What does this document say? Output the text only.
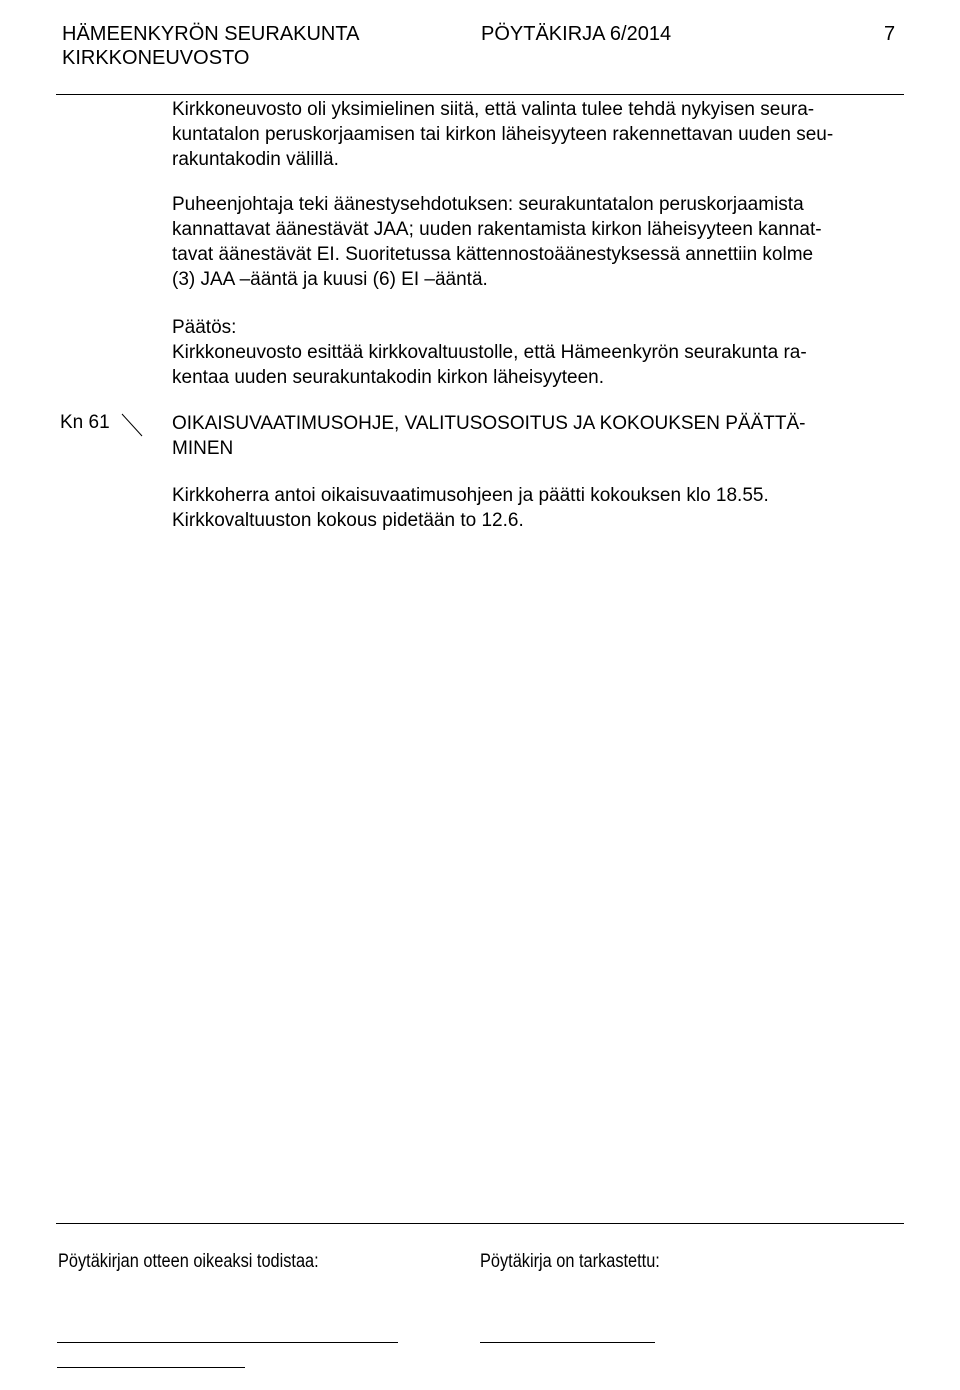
HÄMEENKYRÖN SEURAKUNTA
KIRKKONEUVOSTO
PÖYTÄKIRJA 6/2014	7
Kirkkoneuvosto oli yksimielinen siitä, että valinta tulee tehdä nykyisen seura-
kuntatalon peruskorjaamisen tai kirkon läheisyyteen rakennettavan uuden seu-
rakuntakodin välillä.
Puheenjohtaja teki äänestysehdotuksen: seurakuntatalon peruskorjaamista
kannattavat äänestävät JAA; uuden rakentamista kirkon läheisyyteen kannat-
tavat äänestävät EI. Suoritetussa kättennostoäänestyksessä annettiin kolme
(3) JAA –ääntä ja kuusi (6) EI –ääntä.
Päätös:
Kirkkoneuvosto esittää kirkkovaltuustolle, että Hämeenkyrön seurakunta ra-
kentaa uuden seurakuntakodin kirkon läheisyyteen.
Kn 61	OIKAISUVAATIMUSOHJE, VALITUSOSOITUS JA KOKOUKSEN PÄÄTTÄ-
MINEN
Kirkkoherra antoi oikaisuvaatimusohjeen ja päätti kokouksen klo 18.55.
Kirkkovaltuuston kokous pidetään to 12.6.
Pöytäkirjan otteen oikeaksi todistaa:	Pöytäkirja on tarkastettu:
